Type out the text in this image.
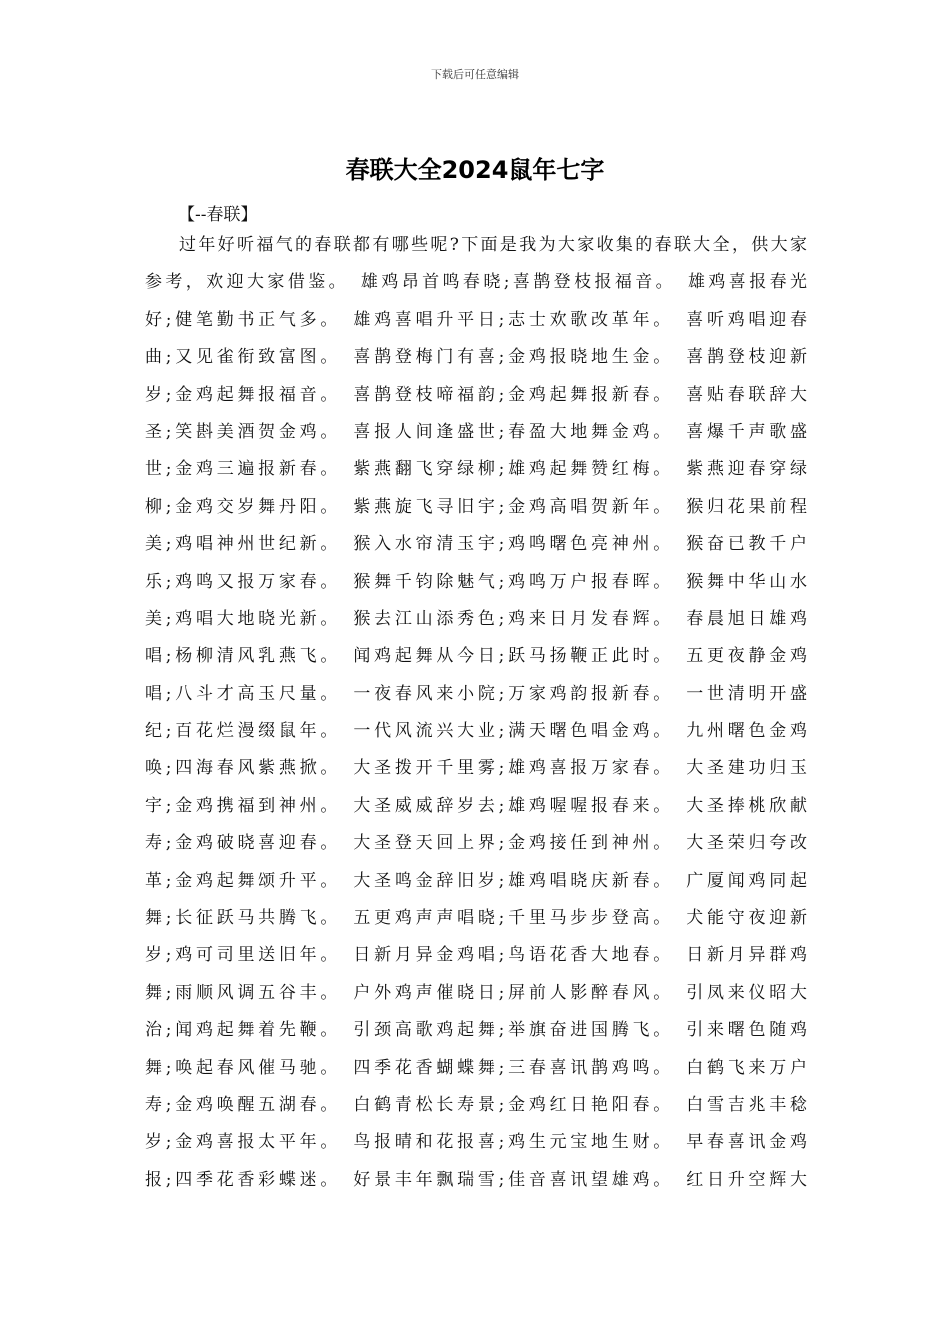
下载后可任意编辑
春联大全2024鼠年七字
【--春联】
过年好听福气的春联都有哪些呢?下面是我为大家收集的春联大全，供大家
参考，欢迎大家借鉴。　雄鸡昂首鸣春晓;喜鹊登枝报福音。　雄鸡喜报春光
好;健笔勤书正气多。　雄鸡喜唱升平日;志士欢歌改革年。　喜听鸡唱迎春
曲;又见雀衔致富图。　喜鹊登梅门有喜;金鸡报晓地生金。　喜鹊登枝迎新
岁;金鸡起舞报福音。　喜鹊登枝啼福韵;金鸡起舞报新春。　喜贴春联辞大
圣;笑斟美酒贺金鸡。　喜报人间逢盛世;春盈大地舞金鸡。　喜爆千声歌盛
世;金鸡三遍报新春。　紫燕翻飞穿绿柳;雄鸡起舞赞红梅。　紫燕迎春穿绿
柳;金鸡交岁舞丹阳。　紫燕旋飞寻旧宇;金鸡高唱贺新年。　猴归花果前程
美;鸡唱神州世纪新。　猴入水帘清玉宇;鸡鸣曙色亮神州。　猴奋已教千户
乐;鸡鸣又报万家春。　猴舞千钧除魅气;鸡鸣万户报春晖。　猴舞中华山水
美;鸡唱大地晓光新。　猴去江山添秀色;鸡来日月发春辉。　春晨旭日雄鸡
唱;杨柳清风乳燕飞。　闻鸡起舞从今日;跃马扬鞭正此时。　五更夜静金鸡
唱;八斗才高玉尺量。　一夜春风来小院;万家鸡韵报新春。　一世清明开盛
纪;百花烂漫缀鼠年。　一代风流兴大业;满天曙色唱金鸡。　九州曙色金鸡
唤;四海春风紫燕掀。　大圣拨开千里雾;雄鸡喜报万家春。　大圣建功归玉
宇;金鸡携福到神州。　大圣威威辞岁去;雄鸡喔喔报春来。　大圣捧桃欣献
寿;金鸡破晓喜迎春。　大圣登天回上界;金鸡接任到神州。　大圣荣归夸改
革;金鸡起舞颂升平。　大圣鸣金辞旧岁;雄鸡唱晓庆新春。　广厦闻鸡同起
舞;长征跃马共腾飞。　五更鸡声声唱晓;千里马步步登高。　犬能守夜迎新
岁;鸡可司里送旧年。　日新月异金鸡唱;鸟语花香大地春。　日新月异群鸡
舞;雨顺风调五谷丰。　户外鸡声催晓日;屏前人影醉春风。　引凤来仪昭大
治;闻鸡起舞着先鞭。　引颈高歌鸡起舞;举旗奋进国腾飞。　引来曙色随鸡
舞;唤起春风催马驰。　四季花香蝴蝶舞;三春喜讯鹊鸡鸣。　白鹤飞来万户
寿;金鸡唤醒五湖春。　白鹤青松长寿景;金鸡红日艳阳春。　白雪吉兆丰稔
岁;金鸡喜报太平年。　鸟报晴和花报喜;鸡生元宝地生财。　早春喜讯金鸡
报;四季花香彩蝶迷。　好景丰年飘瑞雪;佳音喜讯望雄鸡。　红日升空辉大
